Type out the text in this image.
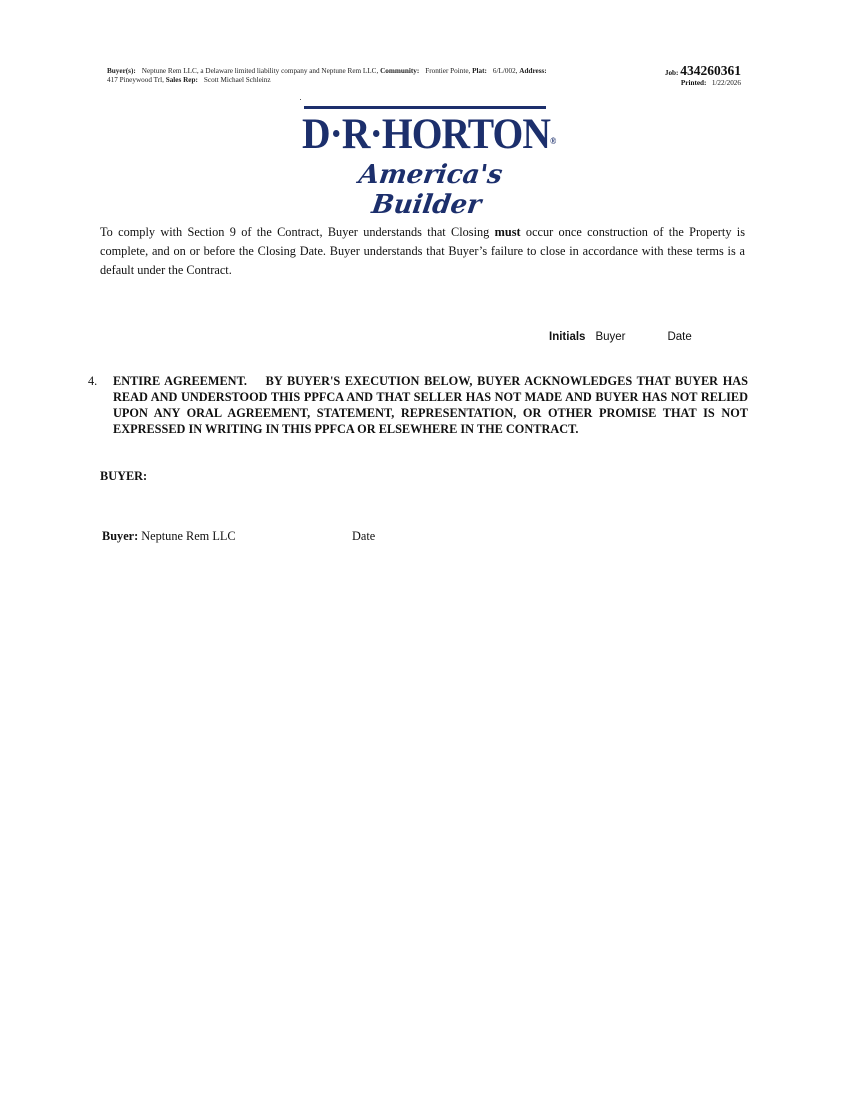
Buyer(s): Neptune Rem LLC, a Delaware limited liability company and Neptune Rem LLC, Community: Frontier Pointe, Plat: 6/L/002, Address:
417 Pineywood Trl, Sales Rep: Scott Michael Schleinz
Job: 434260361
Printed: 1/22/2026
D·R·HORTON®
America's Builder
To comply with Section 9 of the Contract, Buyer understands that Closing must occur once construction of the Property is complete, and on or before the Closing Date. Buyer understands that Buyer’s failure to close in accordance with these terms is a default under the Contract.
Initials Buyer	Date
4. ENTIRE AGREEMENT. BY BUYER'S EXECUTION BELOW, BUYER ACKNOWLEDGES THAT BUYER HAS READ AND UNDERSTOOD THIS PPFCA AND THAT SELLER HAS NOT MADE AND BUYER HAS NOT RELIED UPON ANY ORAL AGREEMENT, STATEMENT, REPRESENTATION, OR OTHER PROMISE THAT IS NOT EXPRESSED IN WRITING IN THIS PPFCA OR ELSEWHERE IN THE CONTRACT.
BUYER:
Buyer: Neptune Rem LLC	Date
